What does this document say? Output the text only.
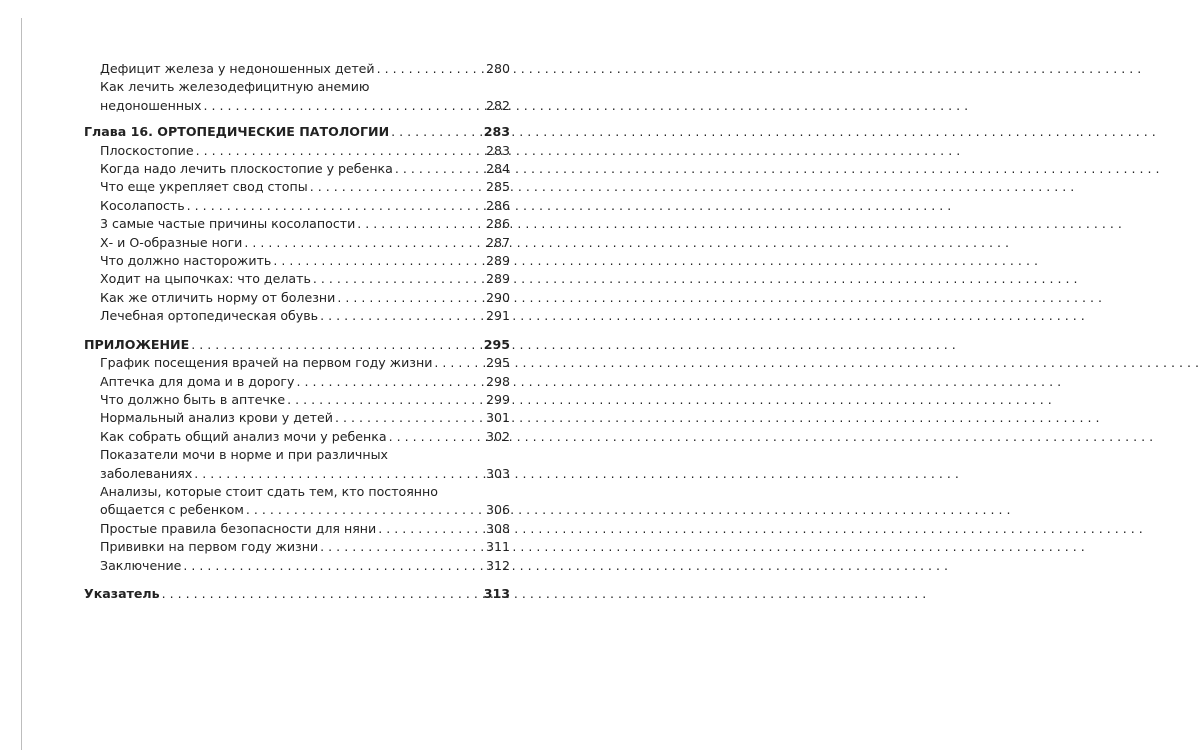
Дефицит железа у недоношенных детей . . .	280
Как лечить железодефицитную анемию
недоношенных . . .	282
Глава 16. ОРТОПЕДИЧЕСКИЕ ПАТОЛОГИИ . . .	283
Плоскостопие . . .	283
Когда надо лечить плоскостопие у ребенка . . .	284
Что еще укрепляет свод стопы . . .	285
Косолапость . . .	286
3 самые частые причины косолапости . . .	286
Х- и О-образные ноги . . .	287
Что должно насторожить . . .	289
Ходит на цыпочках: что делать . . .	289
Как же отличить норму от болезни . . .	290
Лечебная ортопедическая обувь . . .	291
ПРИЛОЖЕНИЕ . . .	295
График посещения врачей на первом году жизни . . .	295
Аптечка для дома и в дорогу . . .	298
Что должно быть в аптечке . . .	299
Нормальный анализ крови у детей . . .	301
Как собрать общий анализ мочи у ребенка . . .	302
Показатели мочи в норме и при различных
заболеваниях . . .	303
Анализы, которые стоит сдать тем, кто постоянно
общается с ребенком . . .	306
Простые правила безопасности для няни . . .	308
Прививки на первом году жизни . . .	311
Заключение . . .	312
Указатель . . .	313
